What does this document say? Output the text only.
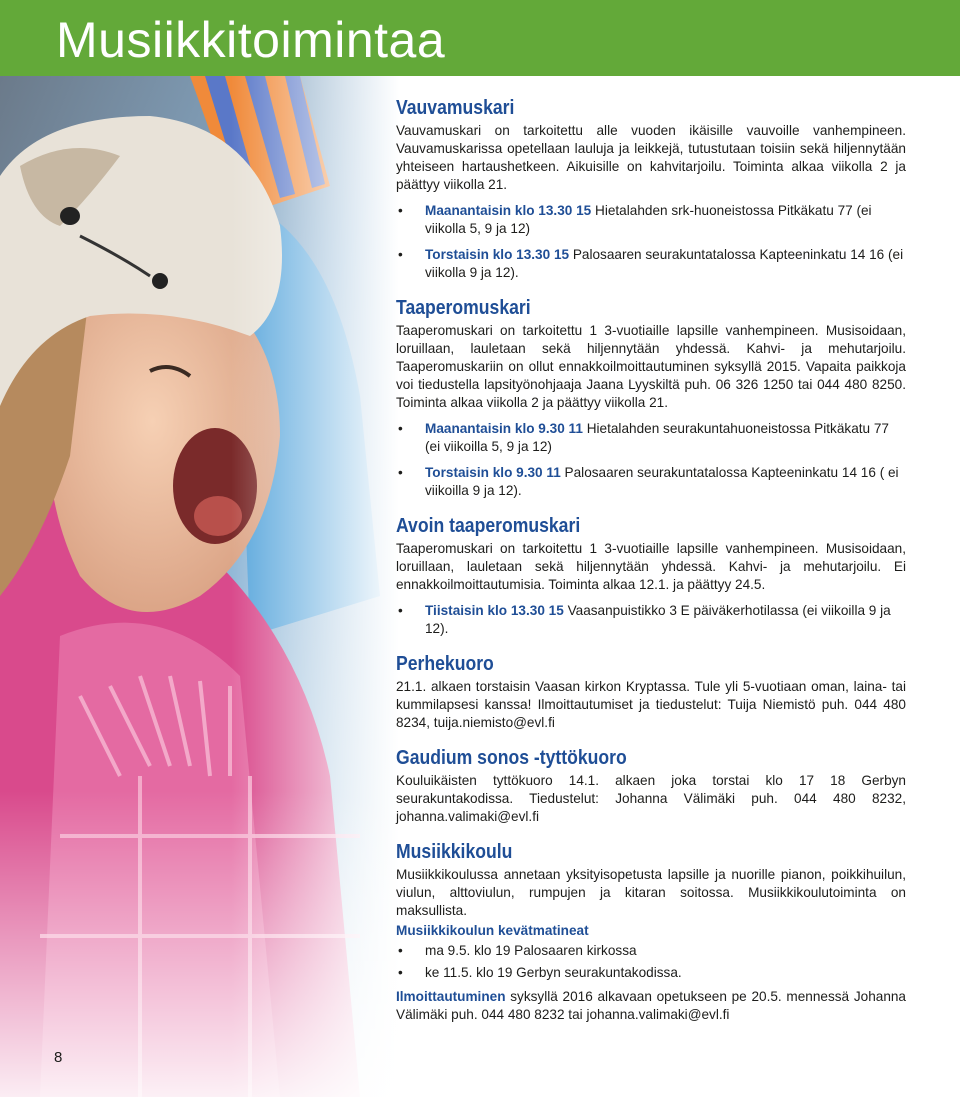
Musiikkitoimintaa
8
Vauvamuskari

Vauvamuskari on tarkoitettu alle vuoden ikäisille vauvoille vanhempineen. Vauvamuskarissa opetellaan lauluja ja leikkejä, tutustutaan toisiin sekä hiljennytään yhteiseen hartaushetkeen. Aikuisille on kahvitarjoilu. Toiminta alkaa viikolla 2 ja päättyy viikolla 21.

• Maanantaisin klo 13.30 15 Hietalahden srk-huoneistossa Pitkäkatu 77 (ei viikolla 5, 9 ja 12)
• Torstaisin klo 13.30 15 Palosaaren seurakuntatalossa Kapteeninkatu 14 16 (ei viikolla 9 ja 12).
Taaperomuskari

Taaperomuskari on tarkoitettu 1 3-vuotiaille lapsille vanhempineen. Musisoidaan, loruillaan, lauletaan sekä hiljennytään yhdessä. Kahvi- ja mehutarjoilu. Taaperomuskariin on ollut ennakkoilmoittautuminen syksyllä 2015. Vapaita paikkoja voi tiedustella lapsityönohjaaja Jaana Lyyskiltä puh. 06 326 1250 tai 044 480 8250. Toiminta alkaa viikolla 2 ja päättyy viikolla 21.

• Maanantaisin klo 9.30 11 Hietalahden seurakuntahuoneistossa Pitkäkatu 77 (ei viikoilla 5, 9 ja 12)
• Torstaisin klo 9.30 11 Palosaaren seurakuntatalossa Kapteeninkatu 14 16 ( ei viikoilla 9 ja 12).
Avoin taaperomuskari

Taaperomuskari on tarkoitettu 1 3-vuotiaille lapsille vanhempineen. Musisoidaan, loruillaan, lauletaan sekä hiljennytään yhdessä. Kahvi- ja mehutarjoilu. Ei ennakkoilmoittautumisia. Toiminta alkaa 12.1. ja päättyy 24.5.

• Tiistaisin klo 13.30 15 Vaasanpuistikko 3 E päiväkerhotilassa (ei viikoilla 9 ja 12).
Perhekuoro

21.1. alkaen torstaisin Vaasan kirkon Kryptassa. Tule yli 5-vuotiaan oman, laina- tai kummilapsesi kanssa! Ilmoittautumiset ja tiedustelut: Tuija Niemistö puh. 044 480 8234, tuija.niemisto@evl.fi

Gaudium sonos -tyttökuoro

Kouluikäisten tyttökuoro 14.1. alkaen joka torstai klo 17 18 Gerbyn seurakuntakodissa. Tiedustelut: Johanna Välimäki puh. 044 480 8232, johanna.valimaki@evl.fi

Musiikkikoulu

Musiikkikoulussa annetaan yksityisopetusta lapsille ja nuorille pianon, poikkihuilun, viulun, alttoviulun, rumpujen ja kitaran soitossa. Musiikkikoulutoiminta on maksullista.

Musiikkikoulun kevätmatineat
• ma 9.5. klo 19 Palosaaren kirkossa
• ke 11.5. klo 19 Gerbyn seurakuntakodissa.

Ilmoittautuminen syksyllä 2016 alkavaan opetukseen pe 20.5. mennessä Johanna Välimäki puh. 044 480 8232 tai johanna.valimaki@evl.fi
